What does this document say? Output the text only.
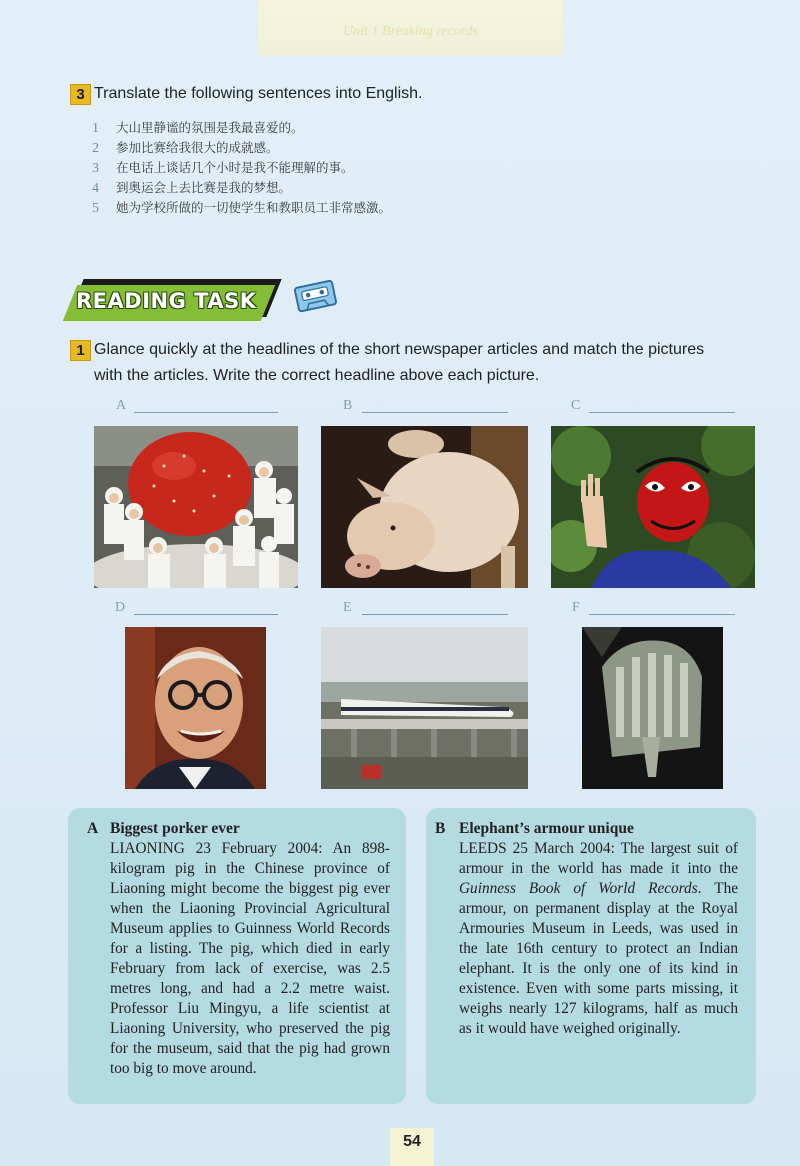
Unit 1 Breaking records
3 Translate the following sentences into English.
1 大山里静谧的氛围是我最喜爱的。
2 参加比赛给我很大的成就感。
3 在电话上谈话几个小时是我不能理解的事。
4 到奥运会上去比赛是我的梦想。
5 她为学校所做的一切使学生和教职员工非常感激。
READING TASK
1 Glance quickly at the headlines of the short newspaper articles and match the pictures
with the articles. Write the correct headline above each picture.
A	B	C
D	E	F
A Biggest porker ever

LIAONING 23 February 2004: An 898-kilogram pig in the Chinese province of Liaoning might become the biggest pig ever when the Liaoning Provincial Agricultural Museum applies to Guinness World Records for a listing. The pig, which died in early February from lack of exercise, was 2.5 metres long, and had a 2.2 metre waist. Professor Liu Mingyu, a life scientist at Liaoning University, who preserved the pig for the museum, said that the pig had grown too big to move around.

B Elephant’s armour unique

LEEDS 25 March 2004: The largest suit of armour in the world has made it into the Guinness Book of World Records. The armour, on permanent display at the Royal Armouries Museum in Leeds, was used in the late 16th century to protect an Indian elephant. It is the only one of its kind in existence. Even with some parts missing, it weighs nearly 127 kilograms, half as much as it would have weighed originally.

54
